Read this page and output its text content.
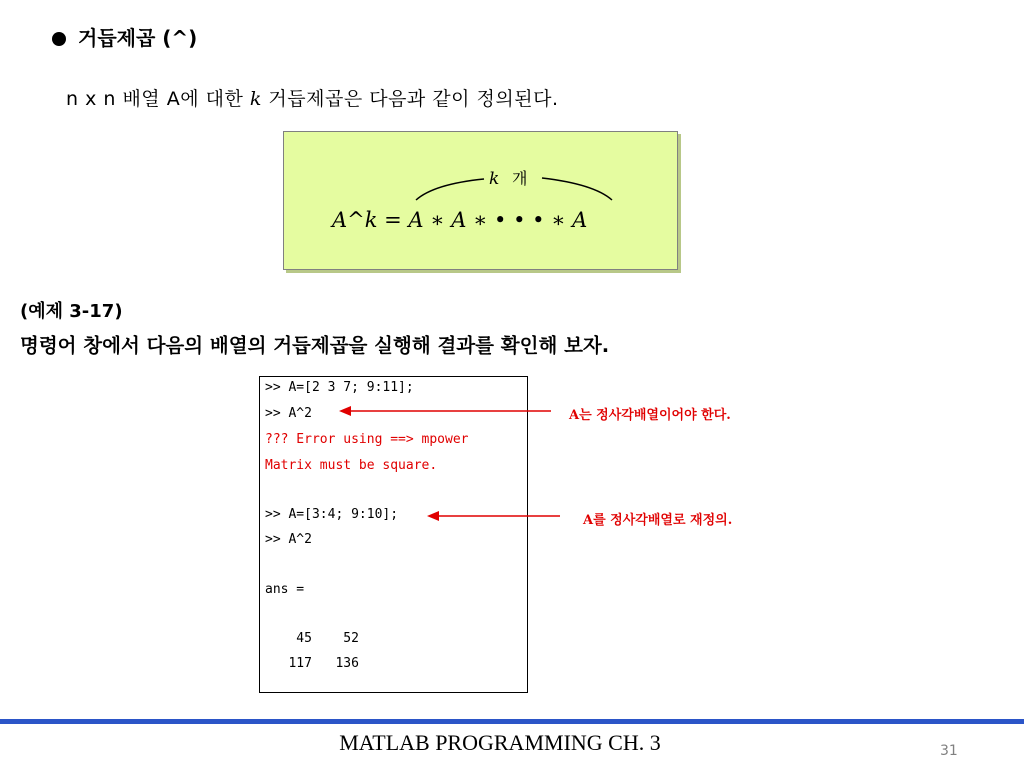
거듭제곱 (^)
n x n 배열 A에 대한 k 거듭제곱은 다음과 같이 정의된다.
k 개
A^k = A ∗ A ∗ • • • ∗ A
(예제 3-17)
명령어 창에서 다음의 배열의 거듭제곱을 실행해 결과를 확인해 보자.
>> A=[2 3 7; 9:11];
>> A^2
??? Error using ==> mpower
Matrix must be square.
>> A=[3:4; 9:10];
>> A^2
ans =
45    52
117   136
A는 정사각배열이어야 한다.
A를 정사각배열로 재정의.
MATLAB PROGRAMMING CH. 3	31
